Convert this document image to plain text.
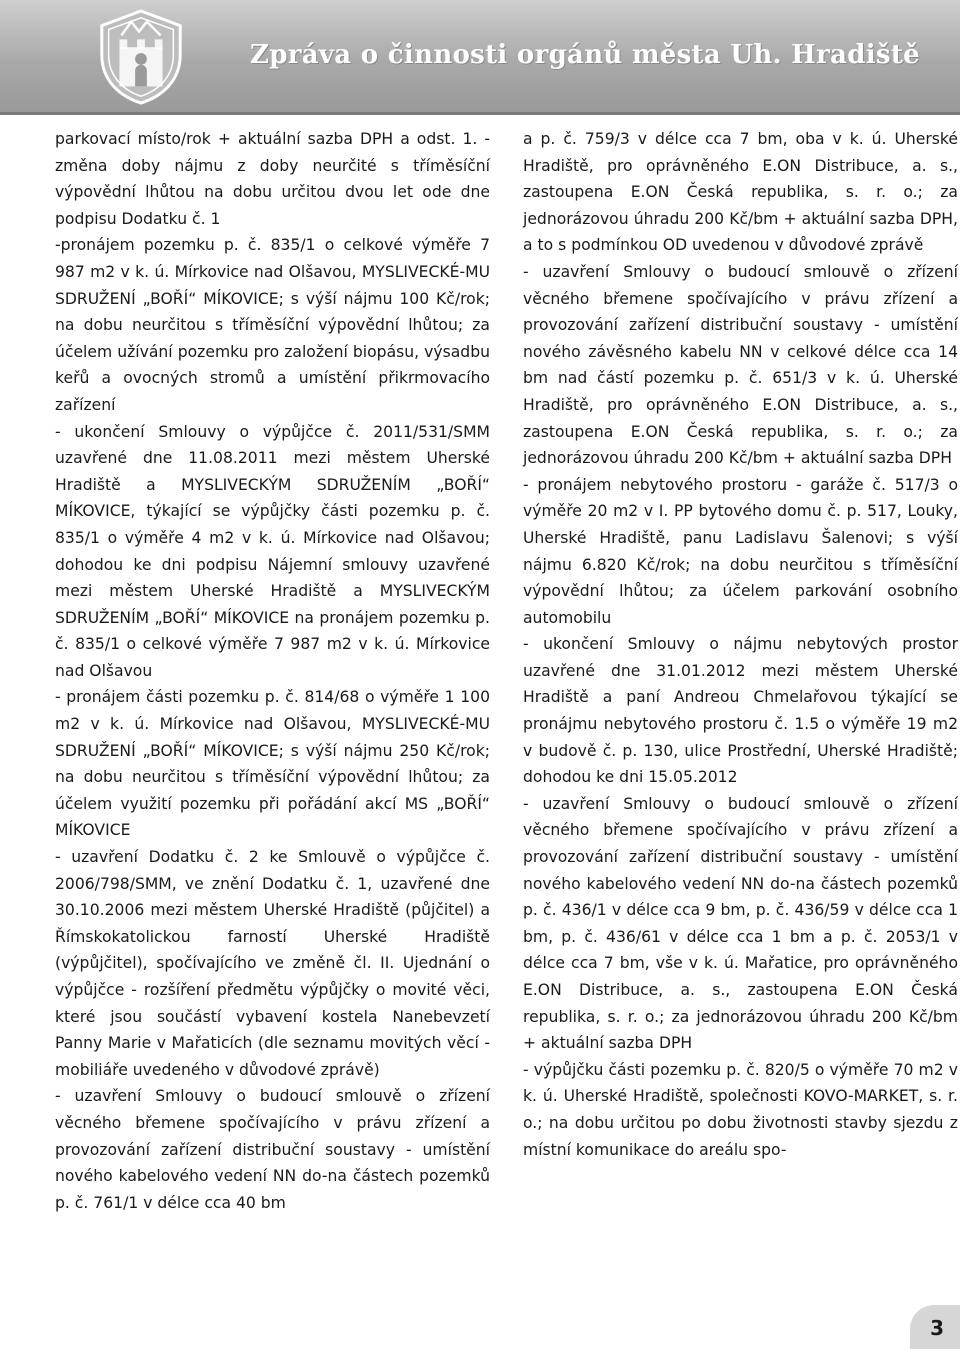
Zpráva o činnosti orgánů města Uh. Hradiště

parkovací místo/rok + aktuální sazba DPH a odst. 1. - změna doby nájmu z doby neurčité s tříměsíční výpovědní lhůtou na dobu určitou dvou let ode dne podpisu Dodatku č. 1

-pronájem pozemku p. č. 835/1 o celkové výměře 7 987 m2 v k. ú. Mírkovice nad Olšavou, MYSLIVECKÉ-MU SDRUŽENÍ „BOŘÍ“ MÍKOVICE; s výší nájmu 100 Kč/rok; na dobu neurčitou s tříměsíční výpovědní lhůtou; za účelem užívání pozemku pro založení biopásu, výsadbu keřů a ovocných stromů a umístění přikrmovacího zařízení

- ukončení Smlouvy o výpůjčce č. 2011/531/SMM uzavřené dne 11.08.2011 mezi městem Uherské Hradiště a MYSLIVECKÝM SDRUŽENÍM „BOŘÍ“ MÍKOVICE, týkající se výpůjčky části pozemku p. č. 835/1 o výměře 4 m2 v k. ú. Mírkovice nad Olšavou; dohodou ke dni podpisu Nájemní smlouvy uzavřené mezi městem Uherské Hradiště a MYSLIVECKÝM SDRUŽENÍM „BOŘÍ“ MÍKOVICE na pronájem pozemku p. č. 835/1 o celkové výměře 7 987 m2 v k. ú. Mírkovice nad Olšavou

- pronájem části pozemku p. č. 814/68 o výměře 1 100 m2 v k. ú. Mírkovice nad Olšavou, MYSLIVECKÉ-MU SDRUŽENÍ „BOŘÍ“ MÍKOVICE; s výší nájmu 250 Kč/rok; na dobu neurčitou s tříměsíční výpovědní lhůtou; za účelem využití pozemku při pořádání akcí MS „BOŘÍ“ MÍKOVICE

- uzavření Dodatku č. 2 ke Smlouvě o výpůjčce č. 2006/798/SMM, ve znění Dodatku č. 1, uzavřené dne 30.10.2006 mezi městem Uherské Hradiště (půjčitel) a Římskokatolickou farností Uherské Hradiště (výpůjčitel), spočívajícího ve změně čl. II. Ujednání o výpůjčce - rozšíření předmětu výpůjčky o movité věci, které jsou součástí vybavení kostela Nanebevzetí Panny Marie v Mařaticích (dle seznamu movitých věcí - mobiliáře uvedeného v důvodové zprávě)

- uzavření Smlouvy o budoucí smlouvě o zřízení věcného břemene spočívajícího v právu zřízení a provozování zařízení distribuční soustavy - umístění nového kabelového vedení NN do-na částech pozemků p. č. 761/1 v délce cca 40 bm

a p. č. 759/3 v délce cca 7 bm, oba v k. ú. Uherské Hradiště, pro oprávněného E.ON Distribuce, a. s., zastoupena E.ON Česká republika, s. r. o.; za jednorázovou úhradu 200 Kč/bm + aktuální sazba DPH, a to s podmínkou OD uvedenou v důvodové zprávě

- uzavření Smlouvy o budoucí smlouvě o zřízení věcného břemene spočívajícího v právu zřízení a provozování zařízení distribuční soustavy - umístění nového závěsného kabelu NN v celkové délce cca 14 bm nad částí pozemku p. č. 651/3 v k. ú. Uherské Hradiště, pro oprávněného E.ON Distribuce, a. s., zastoupena E.ON Česká republika, s. r. o.; za jednorázovou úhradu 200 Kč/bm + aktuální sazba DPH

- pronájem nebytového prostoru - garáže č. 517/3 o výměře 20 m2 v I. PP bytového domu č. p. 517, Louky, Uherské Hradiště, panu Ladislavu Šalenovi; s výší nájmu 6.820 Kč/rok; na dobu neurčitou s tříměsíční výpovědní lhůtou; za účelem parkování osobního automobilu

- ukončení Smlouvy o nájmu nebytových prostor uzavřené dne 31.01.2012 mezi městem Uherské Hradiště a paní Andreou Chmelařovou týkající se pronájmu nebytového prostoru č. 1.5 o výměře 19 m2 v budově č. p. 130, ulice Prostřední, Uherské Hradiště; dohodou ke dni 15.05.2012

- uzavření Smlouvy o budoucí smlouvě o zřízení věcného břemene spočívajícího v právu zřízení a provozování zařízení distribuční soustavy - umístění nového kabelového vedení NN do-na částech pozemků p. č. 436/1 v délce cca 9 bm, p. č. 436/59 v délce cca 1 bm, p. č. 436/61 v délce cca 1 bm a p. č. 2053/1 v délce cca 7 bm, vše v k. ú. Mařatice, pro oprávněného E.ON Distribuce, a. s., zastoupena E.ON Česká republika, s. r. o.; za jednorázovou úhradu 200 Kč/bm + aktuální sazba DPH

- výpůjčku části pozemku p. č. 820/5 o výměře 70 m2 v k. ú. Uherské Hradiště, společnosti KOVO-MARKET, s. r. o.; na dobu určitou po dobu životnosti stavby sjezdu z místní komunikace do areálu spo-

3
